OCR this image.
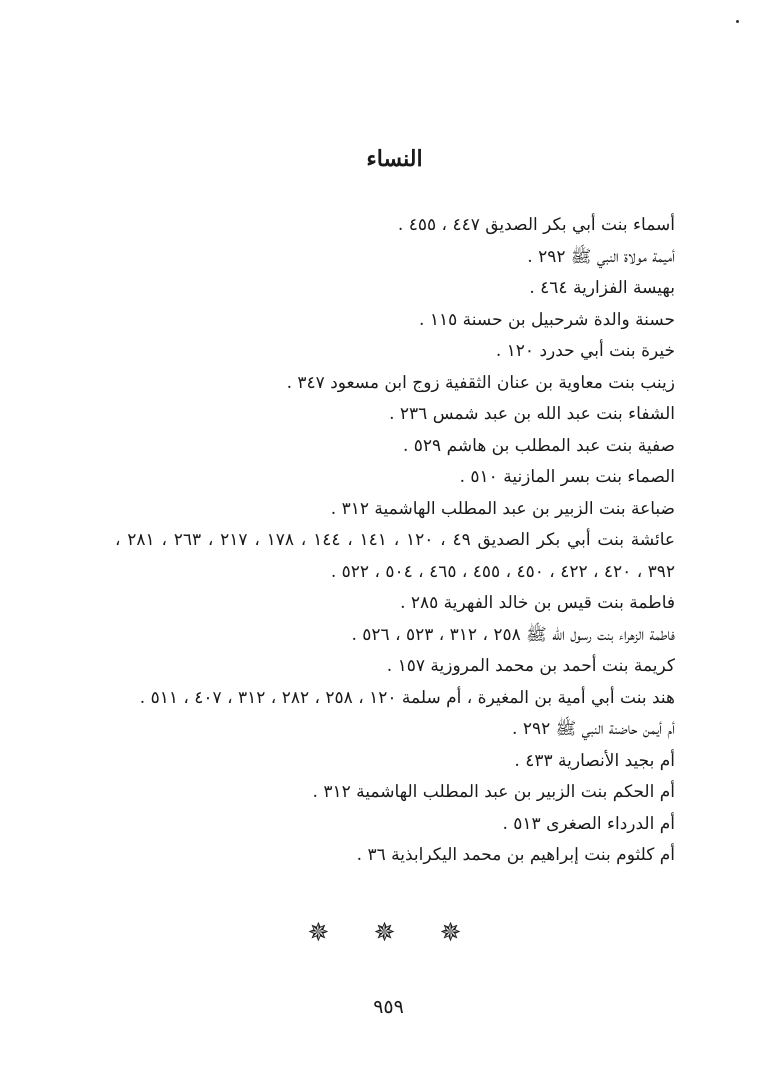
النساء
أسماء بنت أبي بكر الصديق ٤٤٧ ، ٤٥٥ .
أميمة مولاة النبي ﷺ ٢٩٢ .
بهيسة الفزارية ٤٦٤ .
حسنة والدة شرحبيل بن حسنة ١١٥ .
خيرة بنت أبي حدرد ١٢٠ .
زينب بنت معاوية بن عنان الثقفية زوج ابن مسعود ٣٤٧ .
الشفاء بنت عبد الله بن عبد شمس ٢٣٦ .
صفية بنت عبد المطلب بن هاشم ٥٢٩ .
الصماء بنت بسر المازنية ٥١٠ .
ضباعة بنت الزبير بن عبد المطلب الهاشمية ٣١٢ .
عائشة بنت أبي بكر الصديق ٤٩ ، ١٢٠ ، ١٤١ ، ١٤٤ ، ١٧٨ ، ٢١٧ ، ٢٦٣ ، ٢٨١ ، ٣٩٢ ، ٤٢٠ ، ٤٢٢ ، ٤٥٠ ، ٤٥٥ ، ٤٦٥ ، ٥٠٤ ، ٥٢٢ .
فاطمة بنت قيس بن خالد الفهرية ٢٨٥ .
فاطمة الزهراء بنت رسول الله ﷺ ٢٥٨ ، ٣١٢ ، ٥٢٣ ، ٥٢٦ .
كريمة بنت أحمد بن محمد المروزية ١٥٧ .
هند بنت أبي أمية بن المغيرة ، أم سلمة ١٢٠ ، ٢٥٨ ، ٢٨٢ ، ٣١٢ ، ٤٠٧ ، ٥١١ .
أم أيمن حاضنة النبي ﷺ ٢٩٢ .
أم بجيد الأنصارية ٤٣٣ .
أم الحكم بنت الزبير بن عبد المطلب الهاشمية ٣١٢ .
أم الدرداء الصغرى ٥١٣ .
أم كلثوم بنت إبراهيم بن محمد اليكرابذية ٣٦ .
✵ ✵ ✵
٩٥٩
